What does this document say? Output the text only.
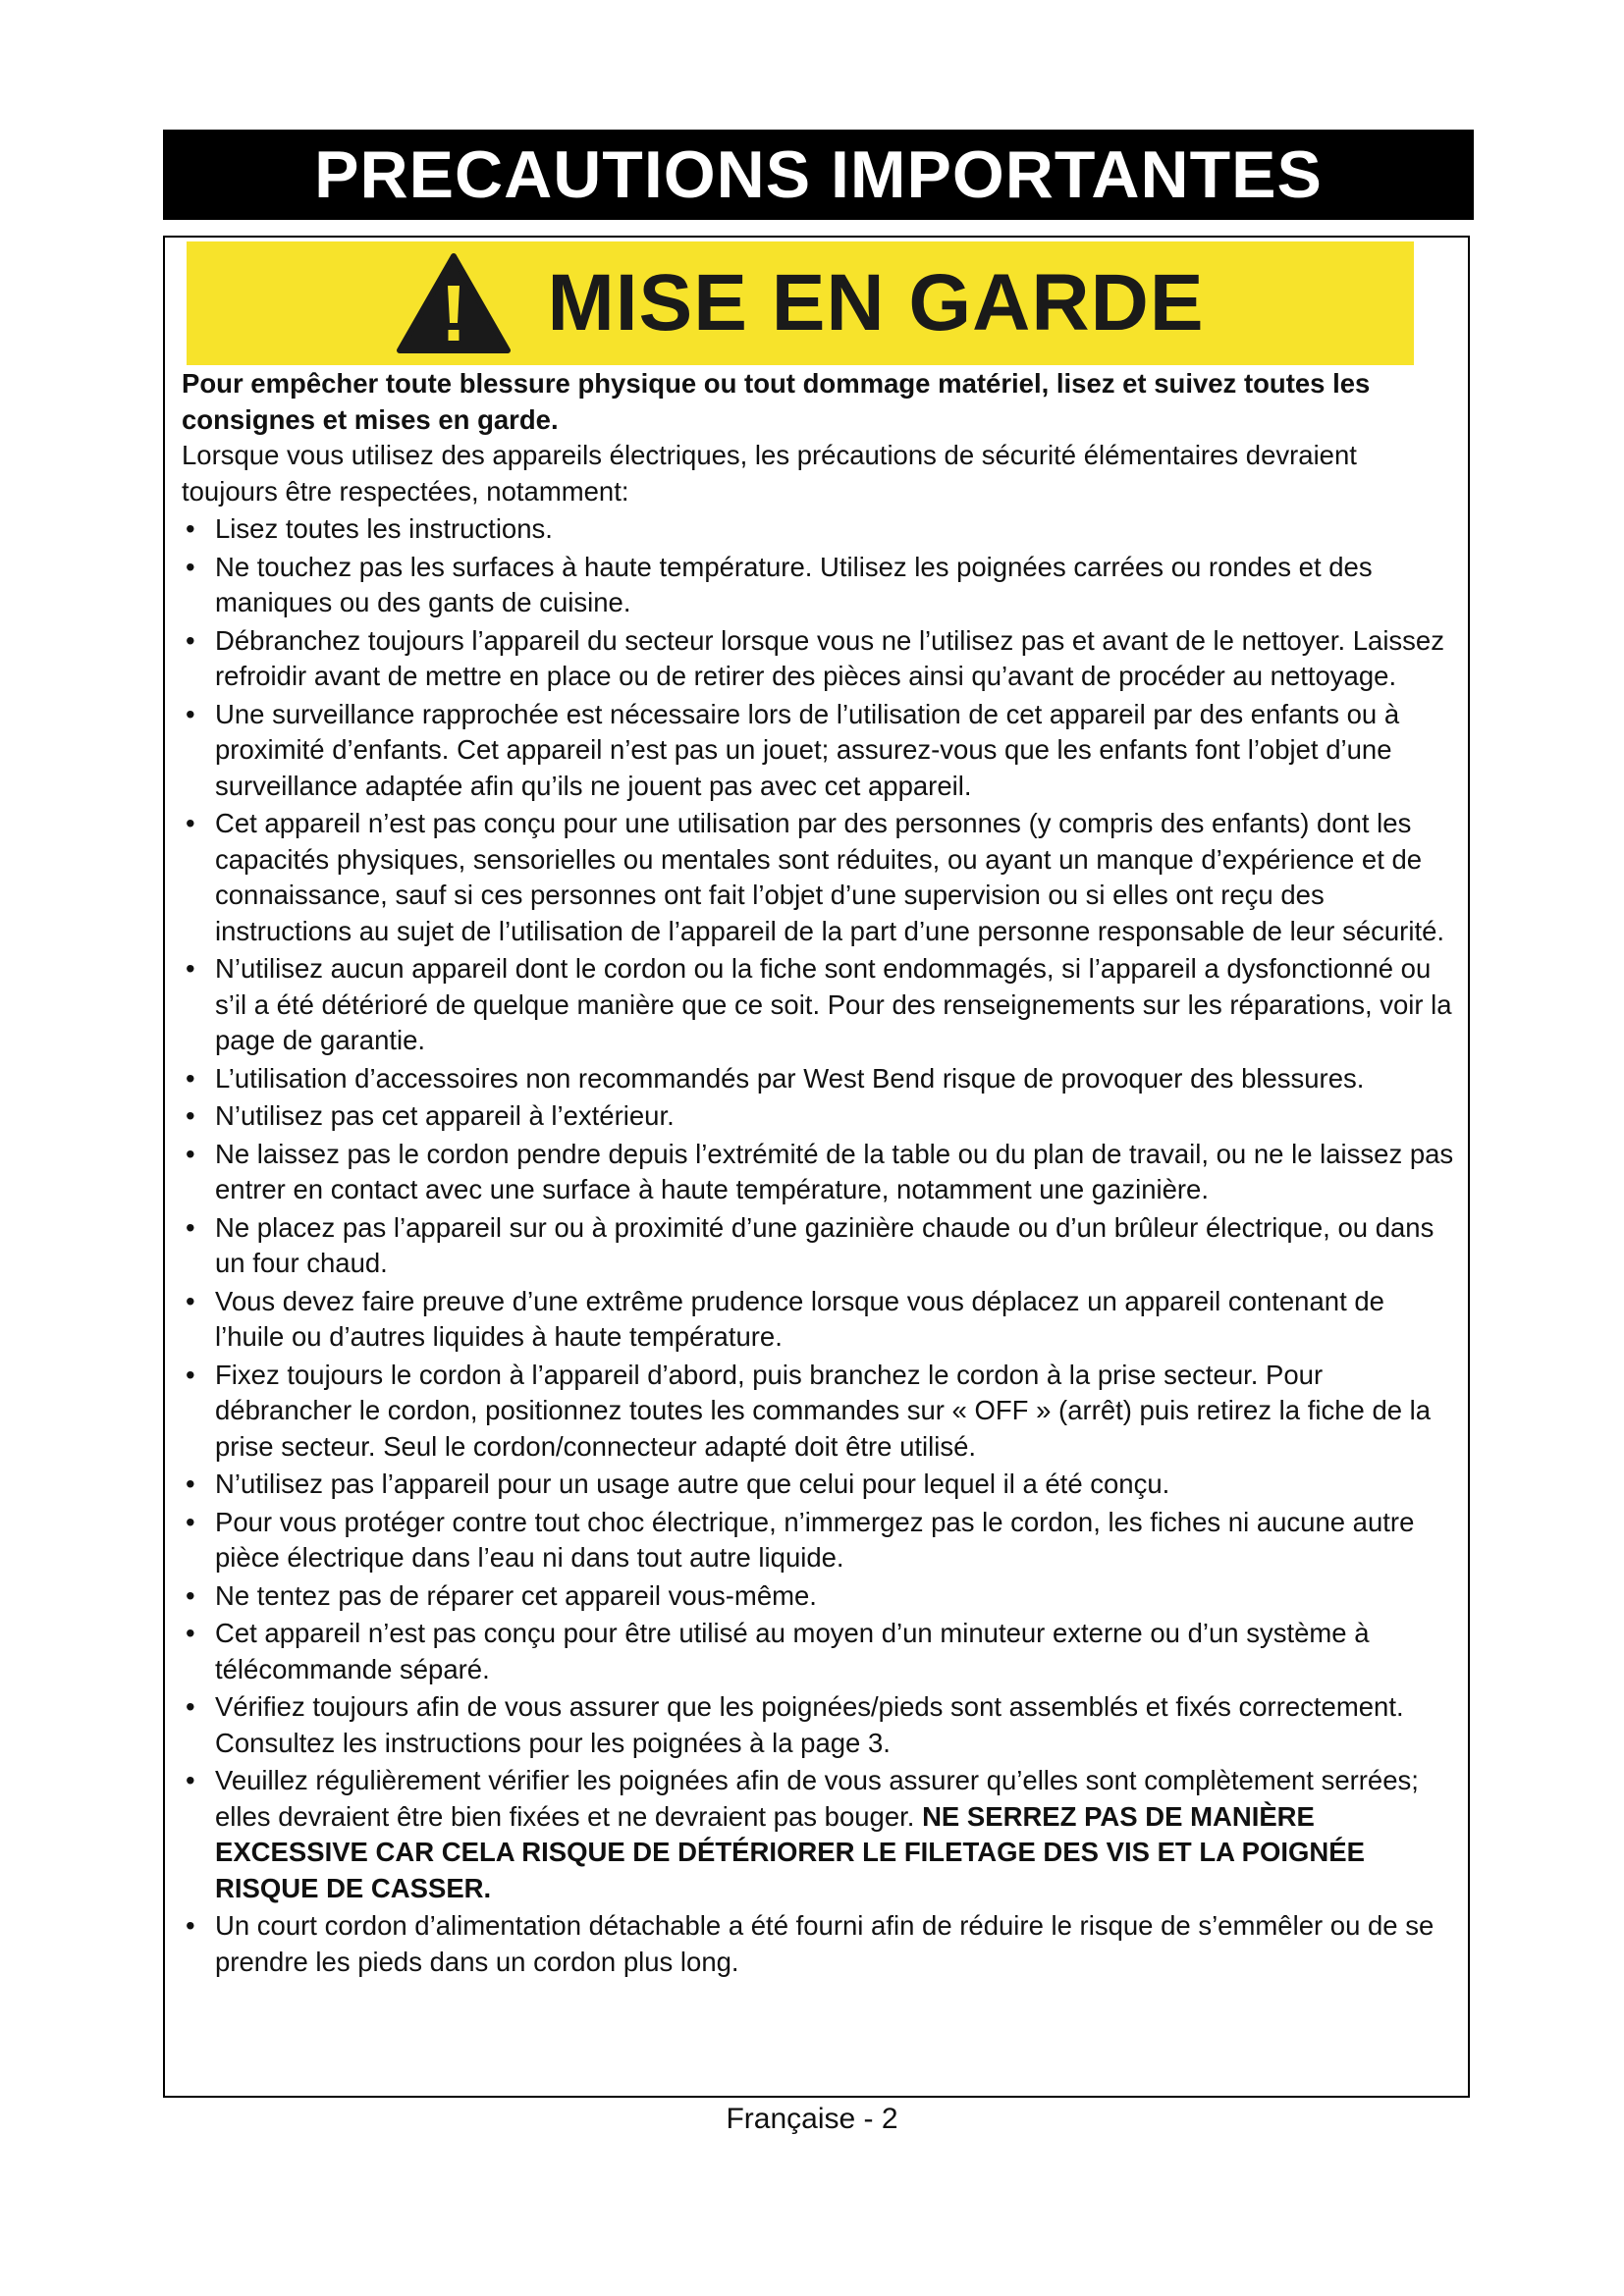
PRECAUTIONS IMPORTANTES
MISE EN GARDE

Pour empêcher toute blessure physique ou tout dommage matériel, lisez et suivez toutes les consignes et mises en garde.

Lorsque vous utilisez des appareils électriques, les précautions de sécurité élémentaires devraient toujours être respectées, notamment:

• Lisez toutes les instructions.
• Ne touchez pas les surfaces à haute température. Utilisez les poignées carrées ou rondes et des maniques ou des gants de cuisine.
• Débranchez toujours l’appareil du secteur lorsque vous ne l’utilisez pas et avant de le nettoyer. Laissez refroidir avant de mettre en place ou de retirer des pièces ainsi qu’avant de procéder au nettoyage.
• Une surveillance rapprochée est nécessaire lors de l’utilisation de cet appareil par des enfants ou à proximité d’enfants. Cet appareil n’est pas un jouet; assurez-vous que les enfants font l’objet d’une surveillance adaptée afin qu’ils ne jouent pas avec cet appareil.
• Cet appareil n’est pas conçu pour une utilisation par des personnes (y compris des enfants) dont les capacités physiques, sensorielles ou mentales sont réduites, ou ayant un manque d’expérience et de connaissance, sauf si ces personnes ont fait l’objet d’une supervision ou si elles ont reçu des instructions au sujet de l’utilisation de l’appareil de la part d’une personne responsable de leur sécurité.
• N’utilisez aucun appareil dont le cordon ou la fiche sont endommagés, si l’appareil a dysfonctionné ou s’il a été détérioré de quelque manière que ce soit. Pour des renseignements sur les réparations, voir la page de garantie.
• L’utilisation d’accessoires non recommandés par West Bend risque de provoquer des blessures.
• N’utilisez pas cet appareil à l’extérieur.
• Ne laissez pas le cordon pendre depuis l’extrémité de la table ou du plan de travail, ou ne le laissez pas entrer en contact avec une surface à haute température, notamment une gazinière.
• Ne placez pas l’appareil sur ou à proximité d’une gazinière chaude ou d’un brûleur électrique, ou dans un four chaud.
• Vous devez faire preuve d’une extrême prudence lorsque vous déplacez un appareil contenant de l’huile ou d’autres liquides à haute température.
• Fixez toujours le cordon à l’appareil d’abord, puis branchez le cordon à la prise secteur. Pour débrancher le cordon, positionnez toutes les commandes sur « OFF » (arrêt) puis retirez la fiche de la prise secteur. Seul le cordon/connecteur adapté doit être utilisé.
• N’utilisez pas l’appareil pour un usage autre que celui pour lequel il a été conçu.
• Pour vous protéger contre tout choc électrique, n’immergez pas le cordon, les fiches ni aucune autre pièce électrique dans l’eau ni dans tout autre liquide.
• Ne tentez pas de réparer cet appareil vous-même.
• Cet appareil n’est pas conçu pour être utilisé au moyen d’un minuteur externe ou d’un système à télécommande séparé.
• Vérifiez toujours afin de vous assurer que les poignées/pieds sont assemblés et fixés correctement. Consultez les instructions pour les poignées à la page 3.
• Veuillez régulièrement vérifier les poignées afin de vous assurer qu’elles sont complètement serrées; elles devraient être bien fixées et ne devraient pas bouger. NE SERREZ PAS DE MANIÈRE EXCESSIVE CAR CELA RISQUE DE DÉTÉRIORER LE FILETAGE DES VIS ET LA POIGNÉE RISQUE DE CASSER.
• Un court cordon d’alimentation détachable a été fourni afin de réduire le risque de s’emmêler ou de se prendre les pieds dans un cordon plus long.
Française - 2
